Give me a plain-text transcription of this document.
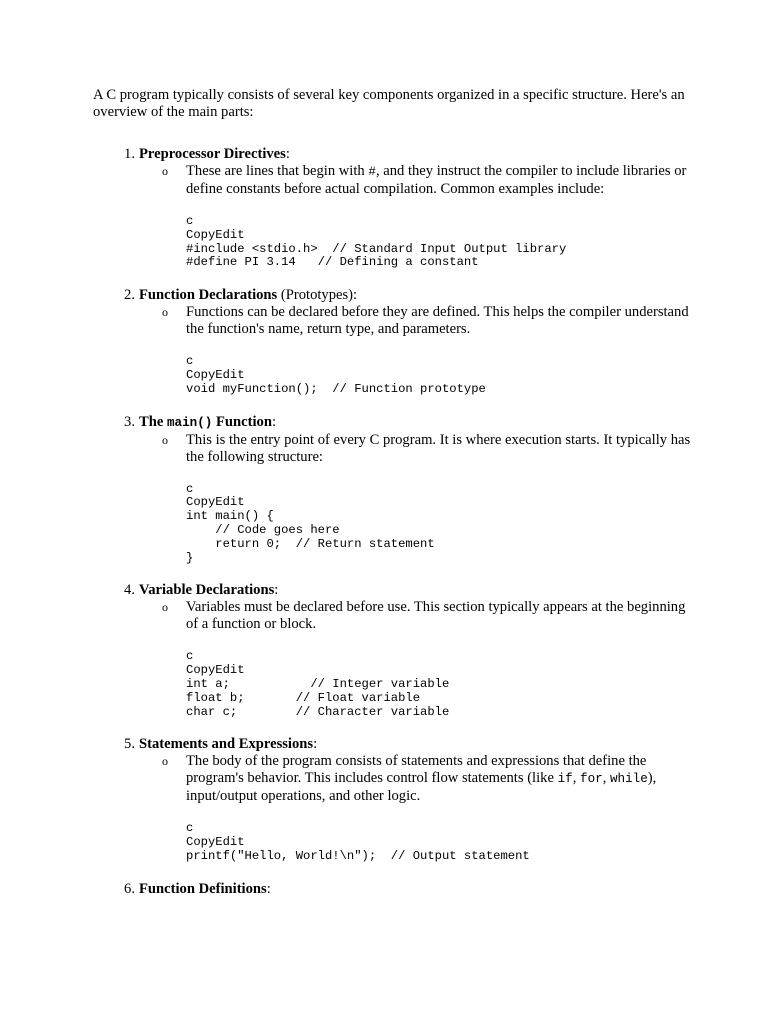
A C program typically consists of several key components organized in a specific structure. Here's an overview of the main parts:

1. Preprocessor Directives:
o These are lines that begin with #, and they instruct the compiler to include libraries or define constants before actual compilation. Common examples include:
c
CopyEdit
#include <stdio.h>  // Standard Input Output library
#define PI 3.14   // Defining a constant
2. Function Declarations (Prototypes):
o Functions can be declared before they are defined. This helps the compiler understand the function's name, return type, and parameters.
c
CopyEdit
void myFunction();  // Function prototype
3. The main() Function:
o This is the entry point of every C program. It is where execution starts. It typically has the following structure:
c
CopyEdit
int main() {
// Code goes here
return 0;  // Return statement
}
4. Variable Declarations:
o Variables must be declared before use. This section typically appears at the beginning of a function or block.
c
CopyEdit
int a;           // Integer variable
float b;       // Float variable
char c;        // Character variable
5. Statements and Expressions:
o The body of the program consists of statements and expressions that define the program's behavior. This includes control flow statements (like if, for, while), input/output operations, and other logic.
c
CopyEdit
printf("Hello, World!\n");  // Output statement
6. Function Definitions:
